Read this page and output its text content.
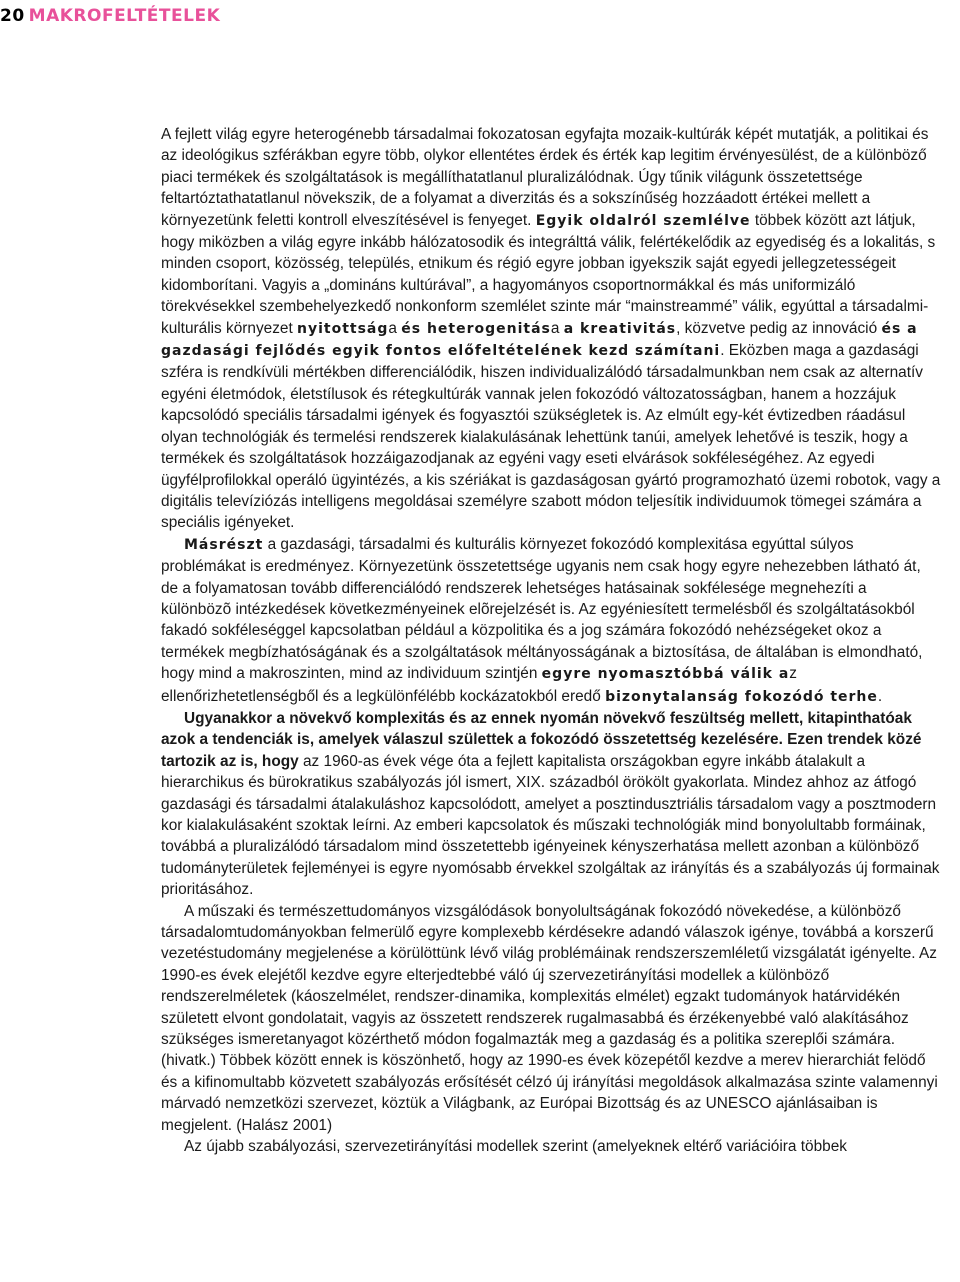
20 MAKROFELTÉTELEK

A fejlett világ egyre heterogénebb társadalmai fokozatosan egyfajta mozaik-kultúrák képét mutatják, a politikai és az ideológikus szférákban egyre több, olykor ellentétes érdek és érték kap legitim érvényesülést, de a különböző piaci termékek és szolgáltatások is megállíthatatlanul pluralizálódnak. Úgy tűnik világunk összetettsége feltartóztathatatlanul növekszik, de a folyamat a diverzitás és a sokszínűség hozzáadott értékei mellett a környezetünk feletti kontroll elveszítésével is fenyeget. Egyik oldalról szemlélve többek között azt látjuk, hogy miközben a világ egyre inkább hálózatosodik és integrálttá válik, felértékelődik az egyediség és a lokalitás, s minden csoport, közösség, település, etnikum és régió egyre jobban igyekszik saját egyedi jellegzetességeit kidomborítani. Vagyis a „domináns kultúrával”, a hagyományos csoportnormákkal és más uniformizáló törekvésekkel szembehelyezkedő nonkonform szemlélet szinte már “mainstreammé” válik, egyúttal a társadalmi-kulturális környezet nyitottsága és heterogenitása a kreativitás, közvetve pedig az innováció és a gazdasági fejlődés egyik fontos előfeltételének kezd számítani. Eközben maga a gazdasági szféra is rendkívüli mértékben differenciálódik, hiszen individualizálódó társadalmunkban nem csak az alternatív egyéni életmódok, életstílusok és rétegkultúrák vannak jelen fokozódó változatosságban, hanem a hozzájuk kapcsolódó speciális társadalmi igények és fogyasztói szükségletek is. Az elmúlt egy-két évtizedben ráadásul olyan technológiák és termelési rendszerek kialakulásának lehettünk tanúi, amelyek lehetővé is teszik, hogy a termékek és szolgáltatások hozzáigazodjanak az egyéni vagy eseti elvárások sokféleségéhez. Az egyedi ügyfélprofilokkal operáló ügyintézés, a kis szériákat is gazdaságosan gyártó programozható üzemi robotok, vagy a digitális televíziózás intelligens megoldásai személyre szabott módon teljesítik individuumok tömegei számára a speciális igényeket.

Másrészt a gazdasági, társadalmi és kulturális környezet fokozódó komplexitása egyúttal súlyos problémákat is eredményez. Környezetünk összetettsége ugyanis nem csak hogy egyre nehezebben látható át, de a folyamatosan tovább differenciálódó rendszerek lehetséges hatásainak sokfélesége megnehezíti a különbözõ intézkedések következményeinek elõrejelzését is. Az egyéniesített termelésből és szolgáltatásokból fakadó sokféleséggel kapcsolatban például a közpolitika és a jog számára fokozódó nehézségeket okoz a termékek megbízhatóságának és a szolgáltatások méltányosságának a biztosítása, de általában is elmondható, hogy mind a makroszinten, mind az individuum szintjén egyre nyomasztóbbá válik az ellenőrizhetetlenségből és a legkülönfélébb kockázatokból eredő bizonytalanság fokozódó terhe.

Ugyanakkor a növekvő komplexitás és az ennek nyomán növekvő feszültség mellett, kitapinthatóak azok a tendenciák is, amelyek válaszul születtek a fokozódó összetettség kezelésére. Ezen trendek közé tartozik az is, hogy az 1960-as évek vége óta a fejlett kapitalista országokban egyre inkább átalakult a hierarchikus és bürokratikus szabályozás jól ismert, XIX. századból örökölt gyakorlata. Mindez ahhoz az átfogó gazdasági és társadalmi átalakuláshoz kapcsolódott, amelyet a posztindusztriális társadalom vagy a posztmodern kor kialakulásaként szoktak leírni. Az emberi kapcsolatok és műszaki technológiák mind bonyolultabb formáinak, továbbá a pluralizálódó társadalom mind összetettebb igényeinek kényszerhatása mellett azonban a különböző tudományterületek fejleményei is egyre nyomósabb érvekkel szolgáltak az irányítás és a szabályozás új formainak prioritásához.

A műszaki és természettudományos vizsgálódások bonyolultságának fokozódó növekedése, a különböző társadalomtudományokban felmerülő egyre komplexebb kérdésekre adandó válaszok igénye, továbbá a korszerű vezetéstudomány megjelenése a körülöttünk lévő világ problémáinak rendszerszemléletű vizsgálatát igényelte. Az 1990-es évek elejétől kezdve egyre elterjedtebbé váló új szervezetirányítási modellek a különböző rendszerelméletek (káoszelmélet, rendszer-dinamika, komplexitás elmélet) egzakt tudományok határvidékén született elvont gondolatait, vagyis az összetett rendszerek rugalmasabbá és érzékenyebbé való alakításához szükséges ismeretanyagot közérthető módon fogalmazták meg a gazdaság és a politika szereplői számára. (hivatk.) Többek között ennek is köszönhető, hogy az 1990-es évek közepétől kezdve a merev hierarchiát felödő és a kifinomultabb közvetett szabályozás erősítését célzó új irányítási megoldások alkalmazása szinte valamennyi márvadó nemzetközi szervezet, köztük a Világbank, az Európai Bizottság és az UNESCO ajánlásaiban is megjelent. (Halász 2001)

Az újabb szabályozási, szervezetirányítási modellek szerint (amelyeknek eltérő variációira többek
